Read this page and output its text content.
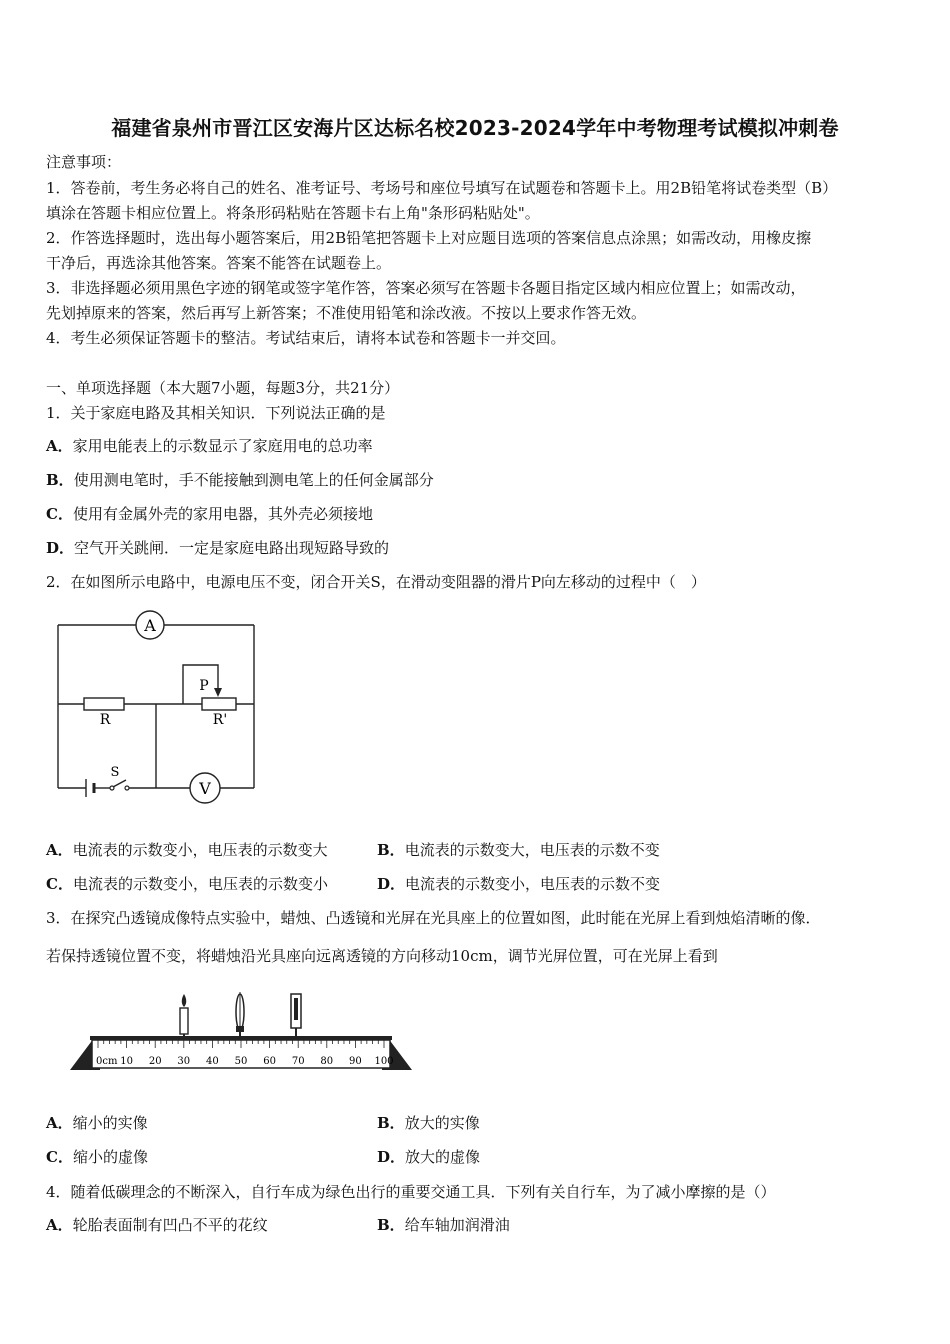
福建省泉州市晋江区安海片区达标名校2023-2024学年中考物理考试模拟冲刺卷
注意事项：
1．答卷前，考生务必将自己的姓名、准考证号、考场号和座位号填写在试题卷和答题卡上。用2B铅笔将试卷类型（B）
填涂在答题卡相应位置上。将条形码粘贴在答题卡右上角"条形码粘贴处"。
2．作答选择题时，选出每小题答案后，用2B铅笔把答题卡上对应题目选项的答案信息点涂黑；如需改动，用橡皮擦
干净后，再选涂其他答案。答案不能答在试题卷上。
3．非选择题必须用黑色字迹的钢笔或签字笔作答，答案必须写在答题卡各题目指定区域内相应位置上；如需改动，
先划掉原来的答案，然后再写上新答案；不准使用铅笔和涂改液。不按以上要求作答无效。
4．考生必须保证答题卡的整洁。考试结束后，请将本试卷和答题卡一并交回。
一、单项选择题（本大题7小题，每题3分，共21分）
1．关于家庭电路及其相关知识．下列说法正确的是
A．家用电能表上的示数显示了家庭用电的总功率
B．使用测电笔时，手不能接触到测电笔上的任何金属部分
C．使用有金属外壳的家用电器，其外壳必须接地
D．空气开关跳闸．一定是家庭电路出现短路导致的
2．在如图所示电路中，电源电压不变，闭合开关S，在滑动变阻器的滑片P向左移动的过程中（　）
A
V
R	R'
P
S
A．电流表的示数变小，电压表的示数变大	B．电流表的示数变大，电压表的示数不变
C．电流表的示数变小，电压表的示数变小	D．电流表的示数变小，电压表的示数不变
3．在探究凸透镜成像特点实验中，蜡烛、凸透镜和光屏在光具座上的位置如图，此时能在光屏上看到烛焰清晰的像．
若保持透镜位置不变，将蜡烛沿光具座向远离透镜的方向移动10cm，调节光屏位置，可在光屏上看到
0cm 10 20 30 40 50 60 70 80 90 100
A．缩小的实像	B．放大的实像
C．缩小的虚像	D．放大的虚像
4．随着低碳理念的不断深入，自行车成为绿色出行的重要交通工具．下列有关自行车，为了减小摩擦的是（）
A．轮胎表面制有凹凸不平的花纹	B．给车轴加润滑油
